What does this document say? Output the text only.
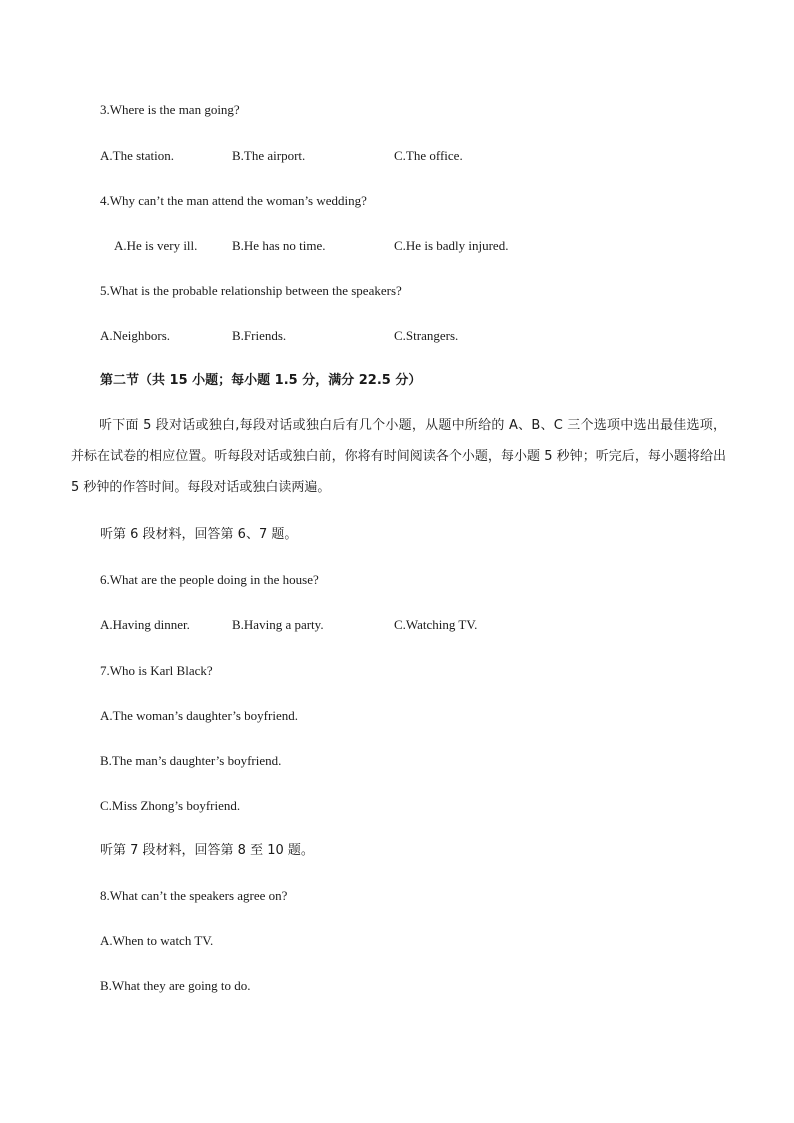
3.Where is the man going?
A.The station.	B.The airport.	C.The office.
4.Why can’t the man attend the woman’s wedding?
A.He is very ill.	B.He has no time.	C.He is badly injured.
5.What is the probable relationship between the speakers?
A.Neighbors.	B.Friends.	C.Strangers.
第二节（共 15 小题；每小题 1.5 分，满分 22.5 分）
听下面 5 段对话或独白,每段对话或独白后有几个小题，从题中所给的 A、B、C 三个选项中选出最佳选项，并标在试卷的相应位置。听每段对话或独白前，你将有时间阅读各个小题，每小题 5 秒钟；听完后，每小题将给出 5 秒钟的作答时间。每段对话或独白读两遍。
听第 6 段材料，回答第 6、7 题。
6.What are the people doing in the house?
A.Having dinner.	B.Having a party.	C.Watching TV.
7.Who is Karl Black?
A.The woman’s daughter’s boyfriend.
B.The man’s daughter’s boyfriend.
C.Miss Zhong’s boyfriend.
听第 7 段材料，回答第 8 至 10 题。
8.What can’t the speakers agree on?
A.When to watch TV.
B.What they are going to do.
